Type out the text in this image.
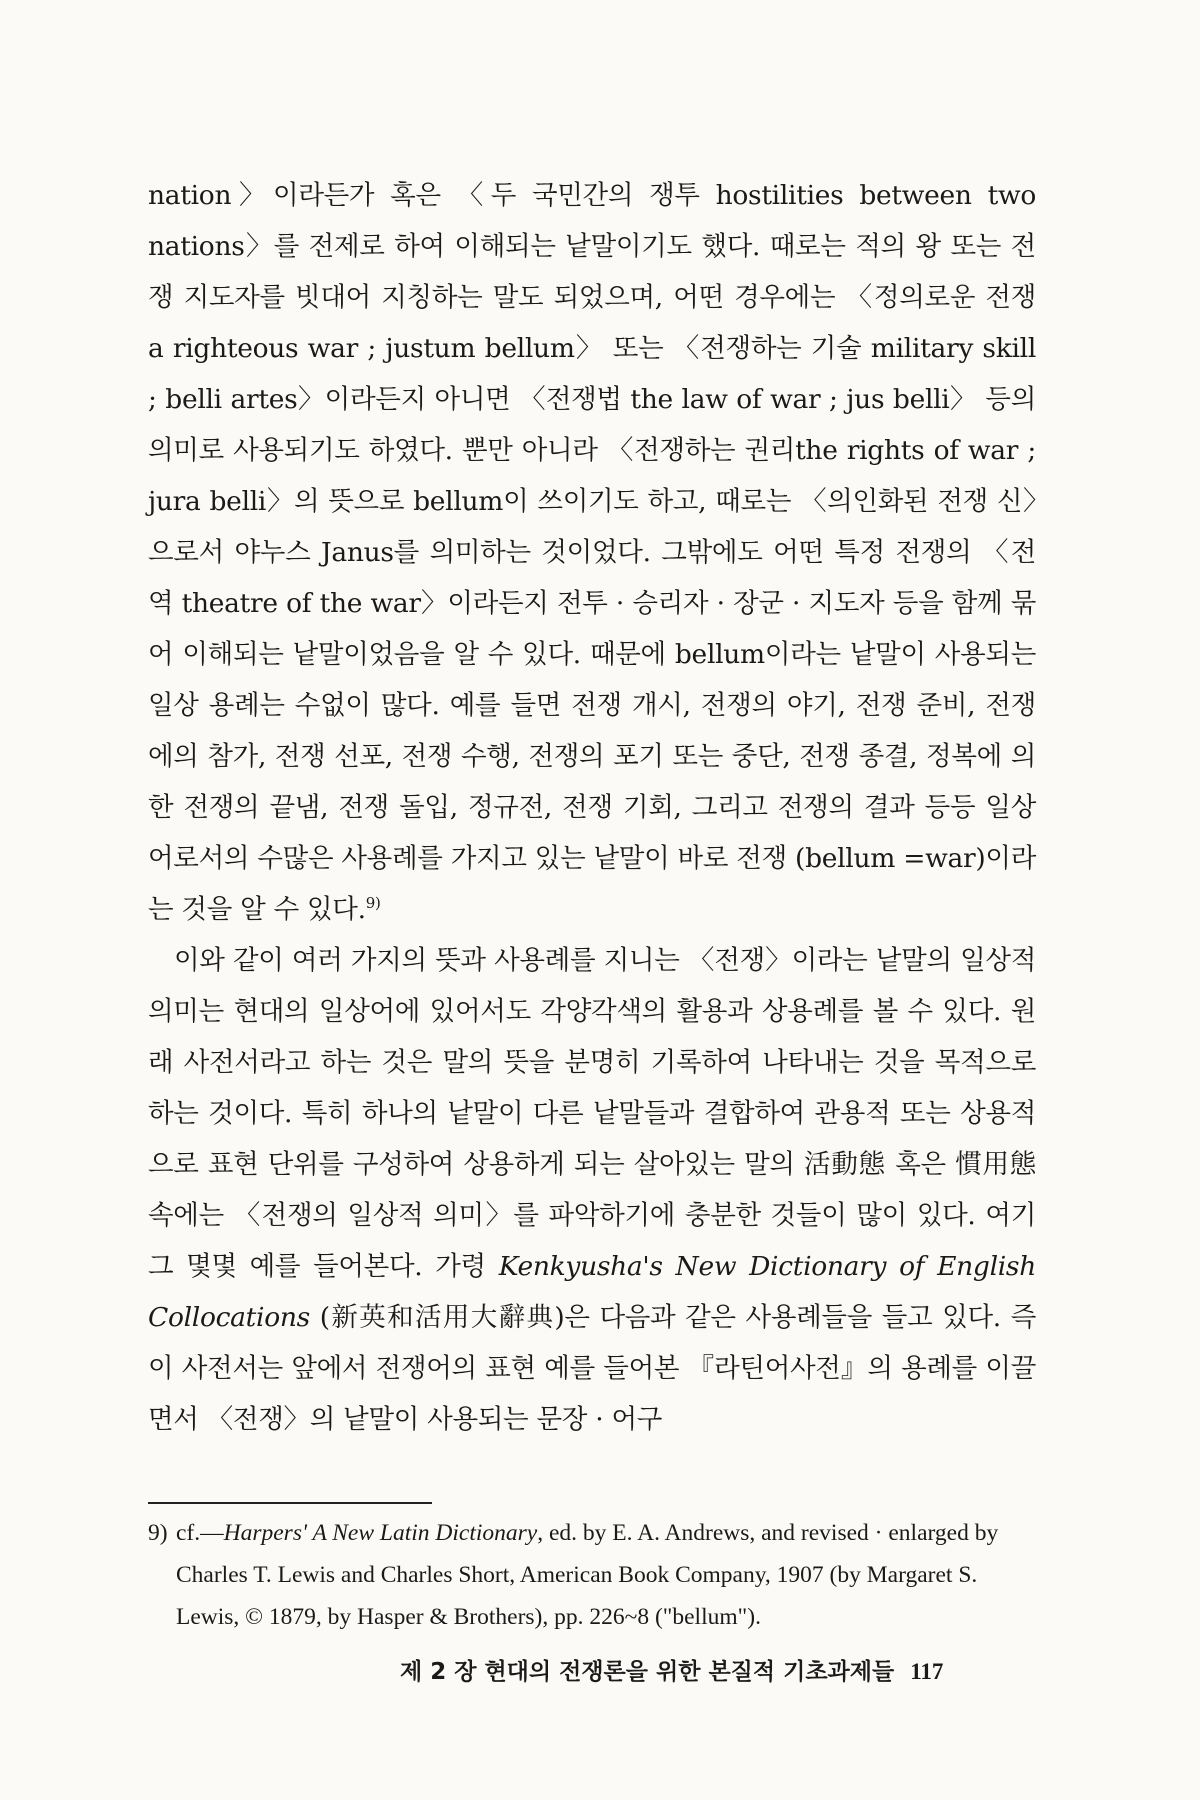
nation〉이라든가 혹은 〈두 국민간의 쟁투 hostilities between two nations〉를 전제로 하여 이해되는 낱말이기도 했다. 때로는 적의 왕 또는 전쟁 지도자를 빗대어 지칭하는 말도 되었으며, 어떤 경우에는 〈정의로운 전쟁 a righteous war ; justum bellum〉 또는 〈전쟁하는 기술 military skill ; belli artes〉이라든지 아니면 〈전쟁법 the law of war ; jus belli〉 등의 의미로 사용되기도 하였다. 뿐만 아니라 〈전쟁하는 권리the rights of war ; jura belli〉의 뜻으로 bellum이 쓰이기도 하고, 때로는 〈의인화된 전쟁 신〉으로서 야누스 Janus를 의미하는 것이었다. 그밖에도 어떤 특정 전쟁의 〈전역 theatre of the war〉이라든지 전투 · 승리자 · 장군 · 지도자 등을 함께 묶어 이해되는 낱말이었음을 알 수 있다. 때문에 bellum이라는 낱말이 사용되는 일상 용례는 수없이 많다. 예를 들면 전쟁 개시, 전쟁의 야기, 전쟁 준비, 전쟁에의 참가, 전쟁 선포, 전쟁 수행, 전쟁의 포기 또는 중단, 전쟁 종결, 정복에 의한 전쟁의 끝냄, 전쟁 돌입, 정규전, 전쟁 기회, 그리고 전쟁의 결과 등등 일상어로서의 수많은 사용례를 가지고 있는 낱말이 바로 전쟁 (bellum =war)이라는 것을 알 수 있다.$^{9)}$

이와 같이 여러 가지의 뜻과 사용례를 지니는 〈전쟁〉이라는 낱말의 일상적 의미는 현대의 일상어에 있어서도 각양각색의 활용과 상용례를 볼 수 있다. 원래 사전서라고 하는 것은 말의 뜻을 분명히 기록하여 나타내는 것을 목적으로 하는 것이다. 특히 하나의 낱말이 다른 낱말들과 결합하여 관용적 또는 상용적으로 표현 단위를 구성하여 상용하게 되는 살아있는 말의 活動態 혹은 慣用態 속에는 〈전쟁의 일상적 의미〉를 파악하기에 충분한 것들이 많이 있다. 여기 그 몇몇 예를 들어본다. 가령 Kenkyusha's New Dictionary of English Collocations (新英和活用大辭典)은 다음과 같은 사용례들을 들고 있다. 즉 이 사전서는 앞에서 전쟁어의 표현 예를 들어본 『라틴어사전』의 용례를 이끌면서 〈전쟁〉의 낱말이 사용되는 문장 · 어구

9) cf.—Harpers' A New Latin Dictionary, ed. by E. A. Andrews, and revised · enlarged by Charles T. Lewis and Charles Short, American Book Company, 1907 (by Margaret S. Lewis, © 1879, by Hasper & Brothers), pp. 226~8 ("bellum").
제 2 장 현대의 전쟁론을 위한 본질적 기초과제들 117
